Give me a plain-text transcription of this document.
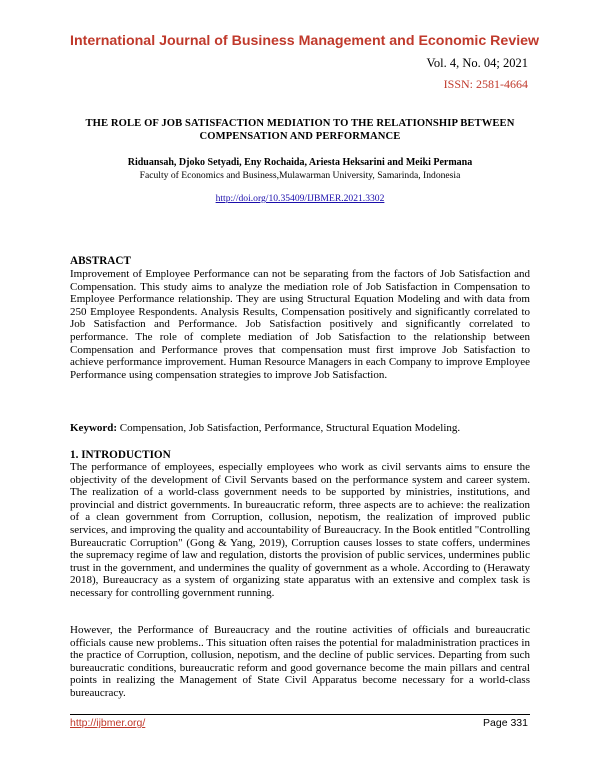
International Journal of Business Management and Economic Review
Vol. 4, No. 04; 2021
ISSN: 2581-4664
THE ROLE OF JOB SATISFACTION MEDIATION TO THE RELATIONSHIP BETWEEN COMPENSATION AND PERFORMANCE
Riduansah, Djoko Setyadi, Eny Rochaida, Ariesta Heksarini and Meiki Permana
Faculty of Economics and Business,Mulawarman University, Samarinda, Indonesia
http://doi.org/10.35409/IJBMER.2021.3302
ABSTRACT
Improvement of Employee Performance can not be separating from the factors of Job Satisfaction and Compensation. This study aims to analyze the mediation role of Job Satisfaction in Compensation to Employee Performance relationship. They are using Structural Equation Modeling and with data from 250 Employee Respondents. Analysis Results, Compensation positively and significantly correlated to Job Satisfaction and Performance. Job Satisfaction positively and significantly correlated to performance. The role of complete mediation of Job Satisfaction to the relationship between Compensation and Performance proves that compensation must first improve Job Satisfaction to achieve performance improvement. Human Resource Managers in each Company to improve Employee Performance using compensation strategies to improve Job Satisfaction.
Keyword: Compensation, Job Satisfaction, Performance, Structural Equation Modeling.
1. INTRODUCTION
The performance of employees, especially employees who work as civil servants aims to ensure the objectivity of the development of Civil Servants based on the performance system and career system. The realization of a world-class government needs to be supported by ministries, institutions, and provincial and district governments. In bureaucratic reform, three aspects are to achieve: the realization of a clean government from Corruption, collusion, nepotism, the realization of improved public services, and improving the quality and accountability of Bureaucracy. In the Book entitled "Controlling Bureaucratic Corruption" (Gong & Yang, 2019), Corruption causes losses to state coffers, undermines the supremacy regime of law and regulation, distorts the provision of public services, undermines public trust in the government, and undermines the quality of government as a whole. According to (Herawaty 2018), Bureaucracy as a system of organizing state apparatus with an extensive and complex task is necessary for controlling government running.
However, the Performance of Bureaucracy and the routine activities of officials and bureaucratic officials cause new problems.. This situation often raises the potential for maladministration practices in the practice of Corruption, collusion, nepotism, and the decline of public services. Departing from such bureaucratic conditions, bureaucratic reform and good governance become the main pillars and central points in realizing the Management of State Civil Apparatus become necessary for a world-class bureaucracy.
http://ijbmer.org/	Page 331
